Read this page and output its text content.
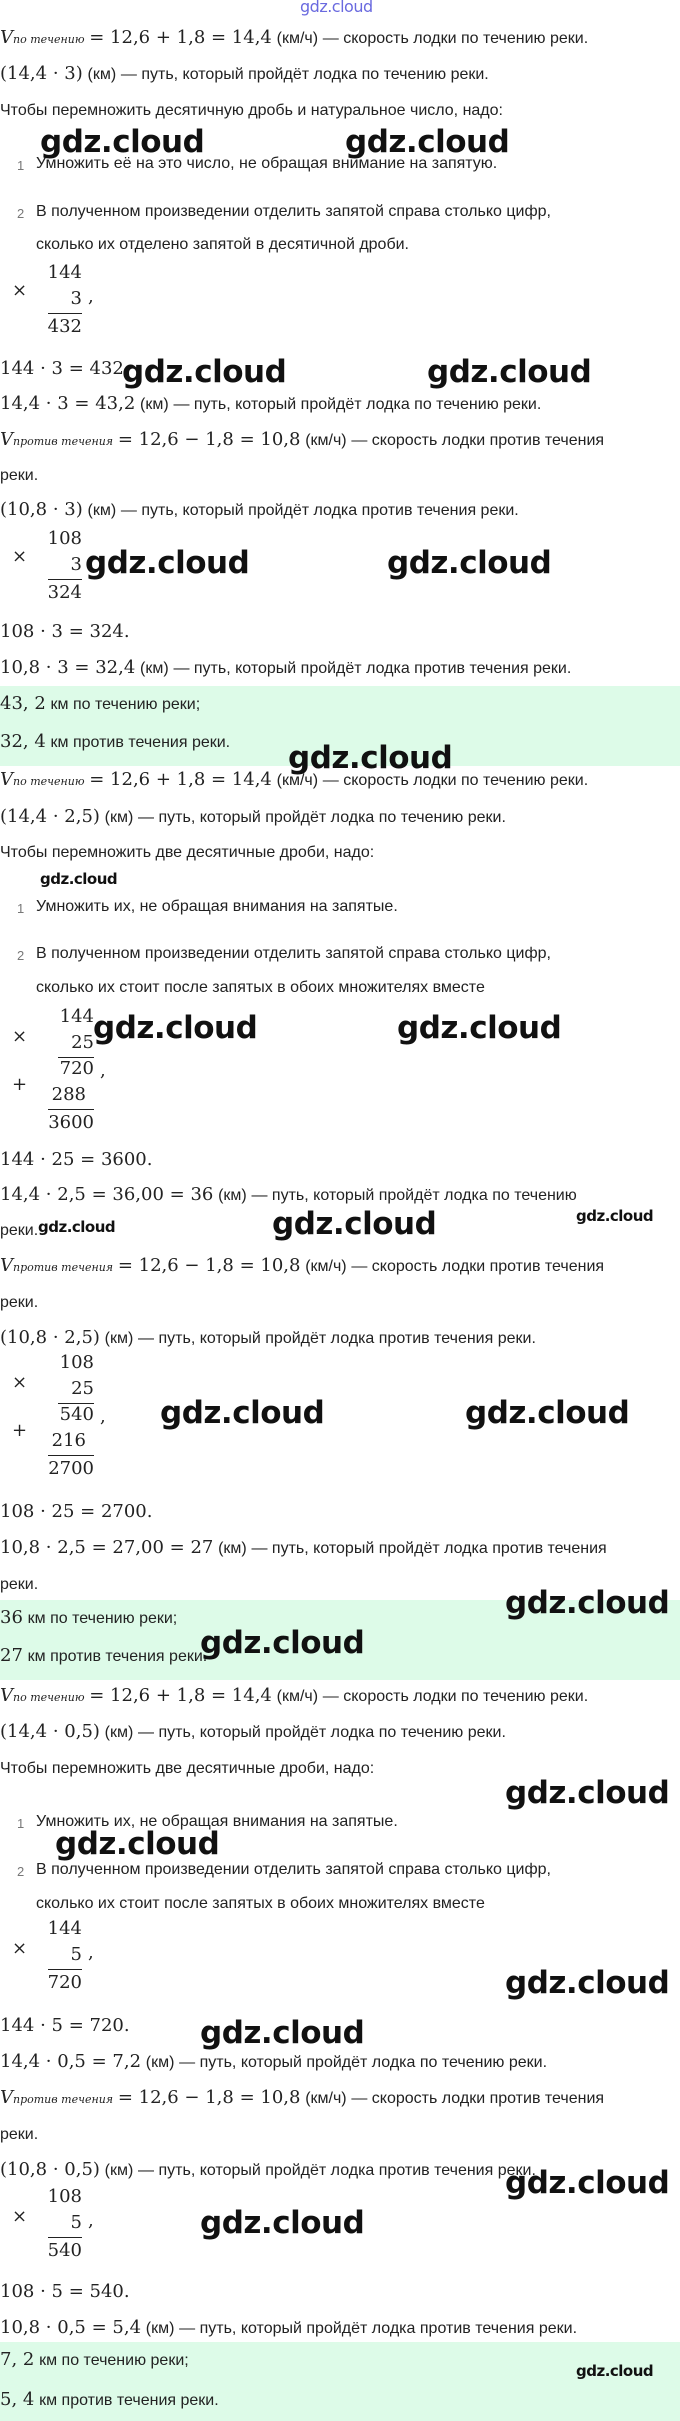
gdz.cloud
Vпо течению = 12,6 + 1,8 = 14,4 (км/ч) — скорость лодки по течению реки.
(14,4 · 3) (км) — путь, который пройдёт лодка по течению реки.
Чтобы перемножить десятичную дробь и натуральное число, надо:
1 Умножить её на это число, не обращая внимание на запятую.
2 В полученном произведении отделить запятой справа столько цифр,
сколько их отделено запятой в десятичной дроби.
×
144
3
432
,
144 · 3 = 432.
14,4 · 3 = 43,2 (км) — путь, который пройдёт лодка по течению реки.
Vпротив течения = 12,6 − 1,8 = 10,8 (км/ч) — скорость лодки против течения
реки.
(10,8 · 3) (км) — путь, который пройдёт лодка против течения реки.
×
108
3
324
108 · 3 = 324.
10,8 · 3 = 32,4 (км) — путь, который пройдёт лодка против течения реки.
43, 2 км по течению реки;
32, 4 км против течения реки.
Vпо течению = 12,6 + 1,8 = 14,4 (км/ч) — скорость лодки по течению реки.
(14,4 · 2,5) (км) — путь, который пройдёт лодка по течению реки.
Чтобы перемножить две десятичные дроби, надо:
1 Умножить их, не обращая внимания на запятые.
2 В полученном произведении отделить запятой справа столько цифр,
сколько их стоит после запятых в обоих множителях вместе
×
144
25
720 ,
+	288
3600
144 · 25 = 3600.
14,4 · 2,5 = 36,00 = 36 (км) — путь, который пройдёт лодка по течению
реки.
Vпротив течения = 12,6 − 1,8 = 10,8 (км/ч) — скорость лодки против течения
реки.
(10,8 · 2,5) (км) — путь, который пройдёт лодка против течения реки.
×
108
25
540 ,
+	216
2700
108 · 25 = 2700.
10,8 · 2,5 = 27,00 = 27 (км) — путь, который пройдёт лодка против течения
реки.
36 км по течению реки;
27 км против течения реки.
Vпо течению = 12,6 + 1,8 = 14,4 (км/ч) — скорость лодки по течению реки.
(14,4 · 0,5) (км) — путь, который пройдёт лодка по течению реки.
Чтобы перемножить две десятичные дроби, надо:
1 Умножить их, не обращая внимания на запятые.
2 В полученном произведении отделить запятой справа столько цифр,
сколько их стоит после запятых в обоих множителях вместе
×
144
5
720
,
144 · 5 = 720.
14,4 · 0,5 = 7,2 (км) — путь, который пройдёт лодка по течению реки.
Vпротив течения = 12,6 − 1,8 = 10,8 (км/ч) — скорость лодки против течения
реки.
(10,8 · 0,5) (км) — путь, который пройдёт лодка против течения реки.
×
108
5
540
,
108 · 5 = 540.
10,8 · 0,5 = 5,4 (км) — путь, который пройдёт лодка против течения реки.
7, 2 км по течению реки;
5, 4 км против течения реки.
gdz.cloud	gdz.cloud
gdz.cloud	gdz.cloud
gdz.cloud	gdz.cloud
gdz.cloud
gdz.cloud
gdz.cloud	gdz.cloud
gdz.cloud	gdz.cloud	gdz.cloud
gdz.cloud	gdz.cloud
gdz.cloud
gdz.cloud
gdz.cloud
gdz.cloud
gdz.cloud
gdz.cloud
gdz.cloud
gdz.cloud
gdz.cloud
